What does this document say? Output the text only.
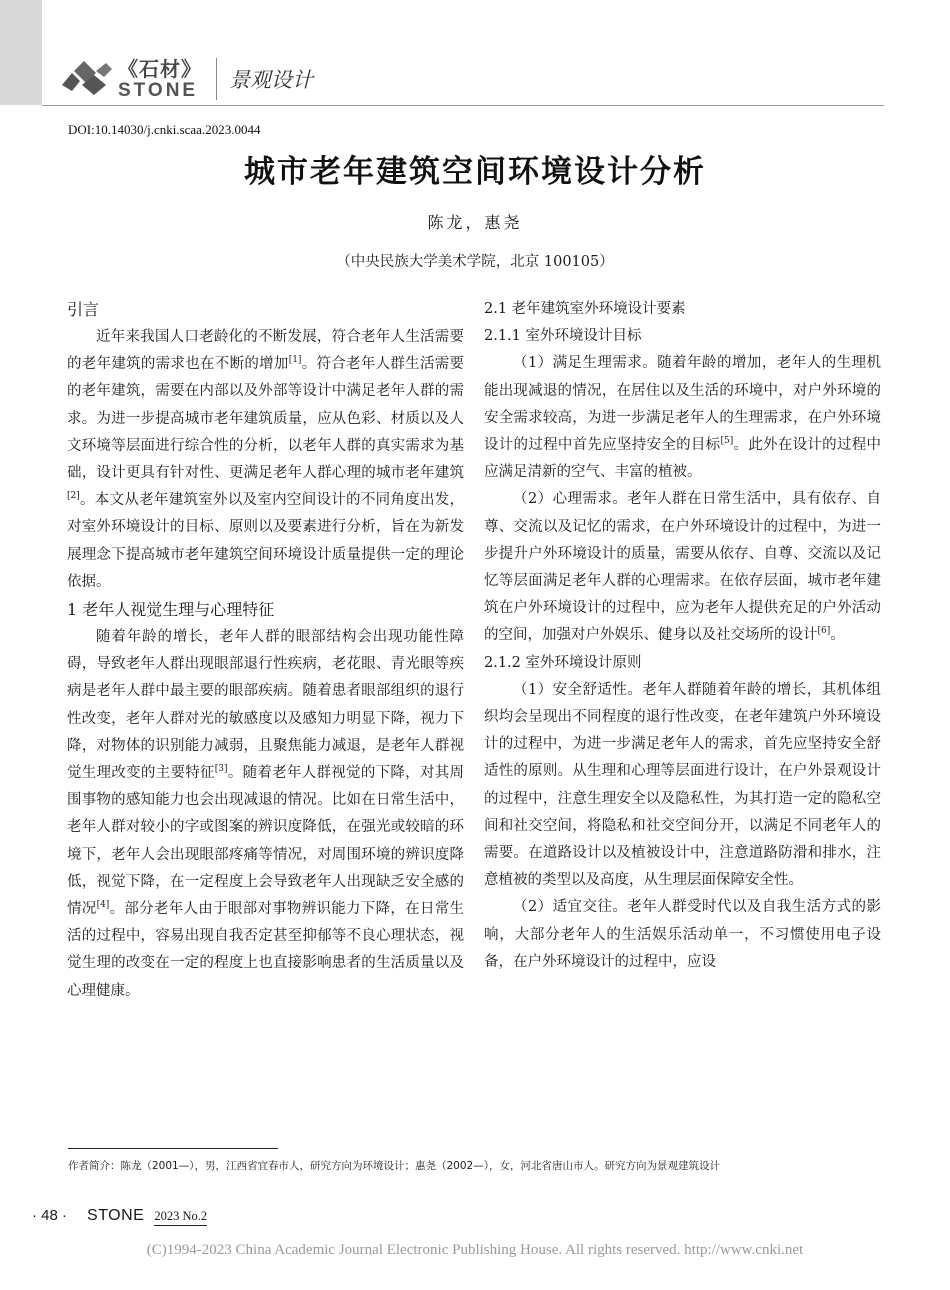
《石材》
STONE 景观设计
DOI:10.14030/j.cnki.scaa.2023.0044
城市老年建筑空间环境设计分析
陈龙，惠尧
（中央民族大学美术学院，北京 100105）
引言

近年来我国人口老龄化的不断发展，符合老年人生活需要的老年建筑的需求也在不断的增加[1]。符合老年人群生活需要的老年建筑，需要在内部以及外部等设计中满足老年人群的需求。为进一步提高城市老年建筑质量，应从色彩、材质以及人文环境等层面进行综合性的分析，以老年人群的真实需求为基础，设计更具有针对性、更满足老年人群心理的城市老年建筑[2]。本文从老年建筑室外以及室内空间设计的不同角度出发，对室外环境设计的目标、原则以及要素进行分析，旨在为新发展理念下提高城市老年建筑空间环境设计质量提供一定的理论依据。

1 老年人视觉生理与心理特征

随着年龄的增长，老年人群的眼部结构会出现功能性障碍，导致老年人群出现眼部退行性疾病，老花眼、青光眼等疾病是老年人群中最主要的眼部疾病。随着患者眼部组织的退行性改变，老年人群对光的敏感度以及感知力明显下降，视力下降，对物体的识别能力减弱，且聚焦能力减退，是老年人群视觉生理改变的主要特征[3]。随着老年人群视觉的下降，对其周围事物的感知能力也会出现减退的情况。比如在日常生活中，老年人群对较小的字或图案的辨识度降低，在强光或较暗的环境下，老年人会出现眼部疼痛等情况，对周围环境的辨识度降低，视觉下降，在一定程度上会导致老年人出现缺乏安全感的情况[4]。部分老年人由于眼部对事物辨识能力下降，在日常生活的过程中，容易出现自我否定甚至抑郁等不良心理状态，视觉生理的改变在一定的程度上也直接影响患者的生活质量以及心理健康。

2.1 老年建筑室外环境设计要素
2.1.1 室外环境设计目标

（1）满足生理需求。随着年龄的增加，老年人的生理机能出现减退的情况，在居住以及生活的环境中，对户外环境的安全需求较高，为进一步满足老年人的生理需求，在户外环境设计的过程中首先应坚持安全的目标[5]。此外在设计的过程中应满足清新的空气、丰富的植被。

（2）心理需求。老年人群在日常生活中，具有依存、自尊、交流以及记忆的需求，在户外环境设计的过程中，为进一步提升户外环境设计的质量，需要从依存、自尊、交流以及记忆等层面满足老年人群的心理需求。在依存层面，城市老年建筑在户外环境设计的过程中，应为老年人提供充足的户外活动的空间，加强对户外娱乐、健身以及社交场所的设计[6]。

2.1.2 室外环境设计原则

（1）安全舒适性。老年人群随着年龄的增长，其机体组织均会呈现出不同程度的退行性改变，在老年建筑户外环境设计的过程中，为进一步满足老年人的需求，首先应坚持安全舒适性的原则。从生理和心理等层面进行设计，在户外景观设计的过程中，注意生理安全以及隐私性，为其打造一定的隐私空间和社交空间，将隐私和社交空间分开，以满足不同老年人的需要。在道路设计以及植被设计中，注意道路防滑和排水，注意植被的类型以及高度，从生理层面保障安全性。

（2）适宜交往。老年人群受时代以及自我生活方式的影响，大部分老年人的生活娱乐活动单一，不习惯使用电子设备，在户外环境设计的过程中，应设

作者简介：陈龙（2001—），男，江西省宜春市人，研究方向为环境设计；惠尧（2002—），女，河北省唐山市人。研究方向为景观建筑设计
· 48 · STONE 2023 No.2
(C)1994-2023 China Academic Journal Electronic Publishing House. All rights reserved. http://www.cnki.net
